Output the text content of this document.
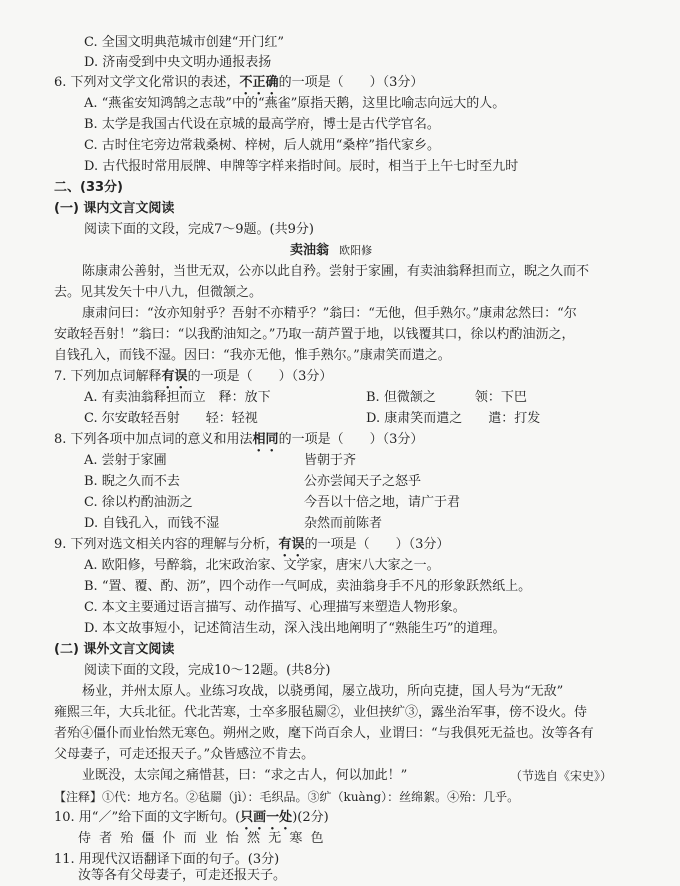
C. 全国文明典范城市创建“开门红”
D. 济南受到中央文明办通报表扬
6. 下列对文学文化常识的表述，不正确的一项是（　　）（3分）
A. “燕雀安知鸿鹄之志哉”中的“燕雀”原指天鹅，这里比喻志向远大的人。
B. 太学是我国古代设在京城的最高学府，博士是古代学官名。
C. 古时住宅旁边常栽桑树、梓树，后人就用“桑梓”指代家乡。
D. 古代报时常用辰牌、申牌等字样来指时间。辰时，相当于上午七时至九时
二、(33分)
(一) 课内文言文阅读
阅读下面的文段，完成7～9题。(共9分)
卖油翁 欧阳修
陈康肃公善射，当世无双，公亦以此自矜。尝射于家圃，有卖油翁释担而立，睨之久而不
去。见其发矢十中八九，但微颔之。
康肃问曰：“汝亦知射乎？吾射不亦精乎？”翁曰：“无他，但手熟尔。”康肃忿然曰：“尔
安敢轻吾射！”翁曰：“以我酌油知之。”乃取一葫芦置于地，以钱覆其口，徐以杓酌油沥之，
自钱孔入，而钱不湿。因曰：“我亦无他，惟手熟尔。”康肃笑而遣之。
7. 下列加点词解释有误的一项是（　　）（3分）
A. 有卖油翁释担而立　释：放下	B. 但微颔之　　　领：下巴
C. 尔安敢轻吾射　　轻：轻视	D. 康肃笑而遣之　　遣：打发
8. 下列各项中加点词的意义和用法相同的一项是（　　）（3分）
A. 尝射于家圃	皆朝于齐
B. 睨之久而不去	公亦尝闻天子之怒乎
C. 徐以杓酌油沥之	今吾以十倍之地，请广于君
D. 自钱孔入，而钱不湿	杂然而前陈者
9. 下列对选文相关内容的理解与分析，有误的一项是（　　）（3分）
A. 欧阳修，号醉翁，北宋政治家、文学家，唐宋八大家之一。
B. “置、覆、酌、沥”，四个动作一气呵成，卖油翁身手不凡的形象跃然纸上。
C. 本文主要通过语言描写、动作描写、心理描写来塑造人物形象。
D. 本文故事短小，记述简洁生动，深入浅出地阐明了“熟能生巧”的道理。
(二) 课外文言文阅读
阅读下面的文段，完成10～12题。(共8分)
杨业，并州太原人。业练习攻战，以骁勇闻，屡立战功，所向克捷，国人号为“无敌”
雍熙三年，大兵北征。代北苦寒，士卒多服毡罽②，业但挟纩③，露坐治军事，傍不设火。侍
者殆④僵仆而业怡然无寒色。朔州之败，麾下尚百余人，业谓曰：“与我俱死无益也。汝等各有
父母妻子，可走还报天子。”众皆感泣不肯去。
业既没，太宗闻之痛惜甚，曰：“求之古人，何以加此！”	（节选自《宋史》）
【注释】①代：地方名。②毡罽（jì）：毛织品。③纩（kuàng）：丝绵絮。④殆：几乎。
10. 用“／”给下面的文字断句。(只画一处)(2分)
侍 者 殆 僵 仆 而 业 怡 然 无 寒 色
11. 用现代汉语翻译下面的句子。(3分)
汝等各有父母妻子，可走还报天子。
